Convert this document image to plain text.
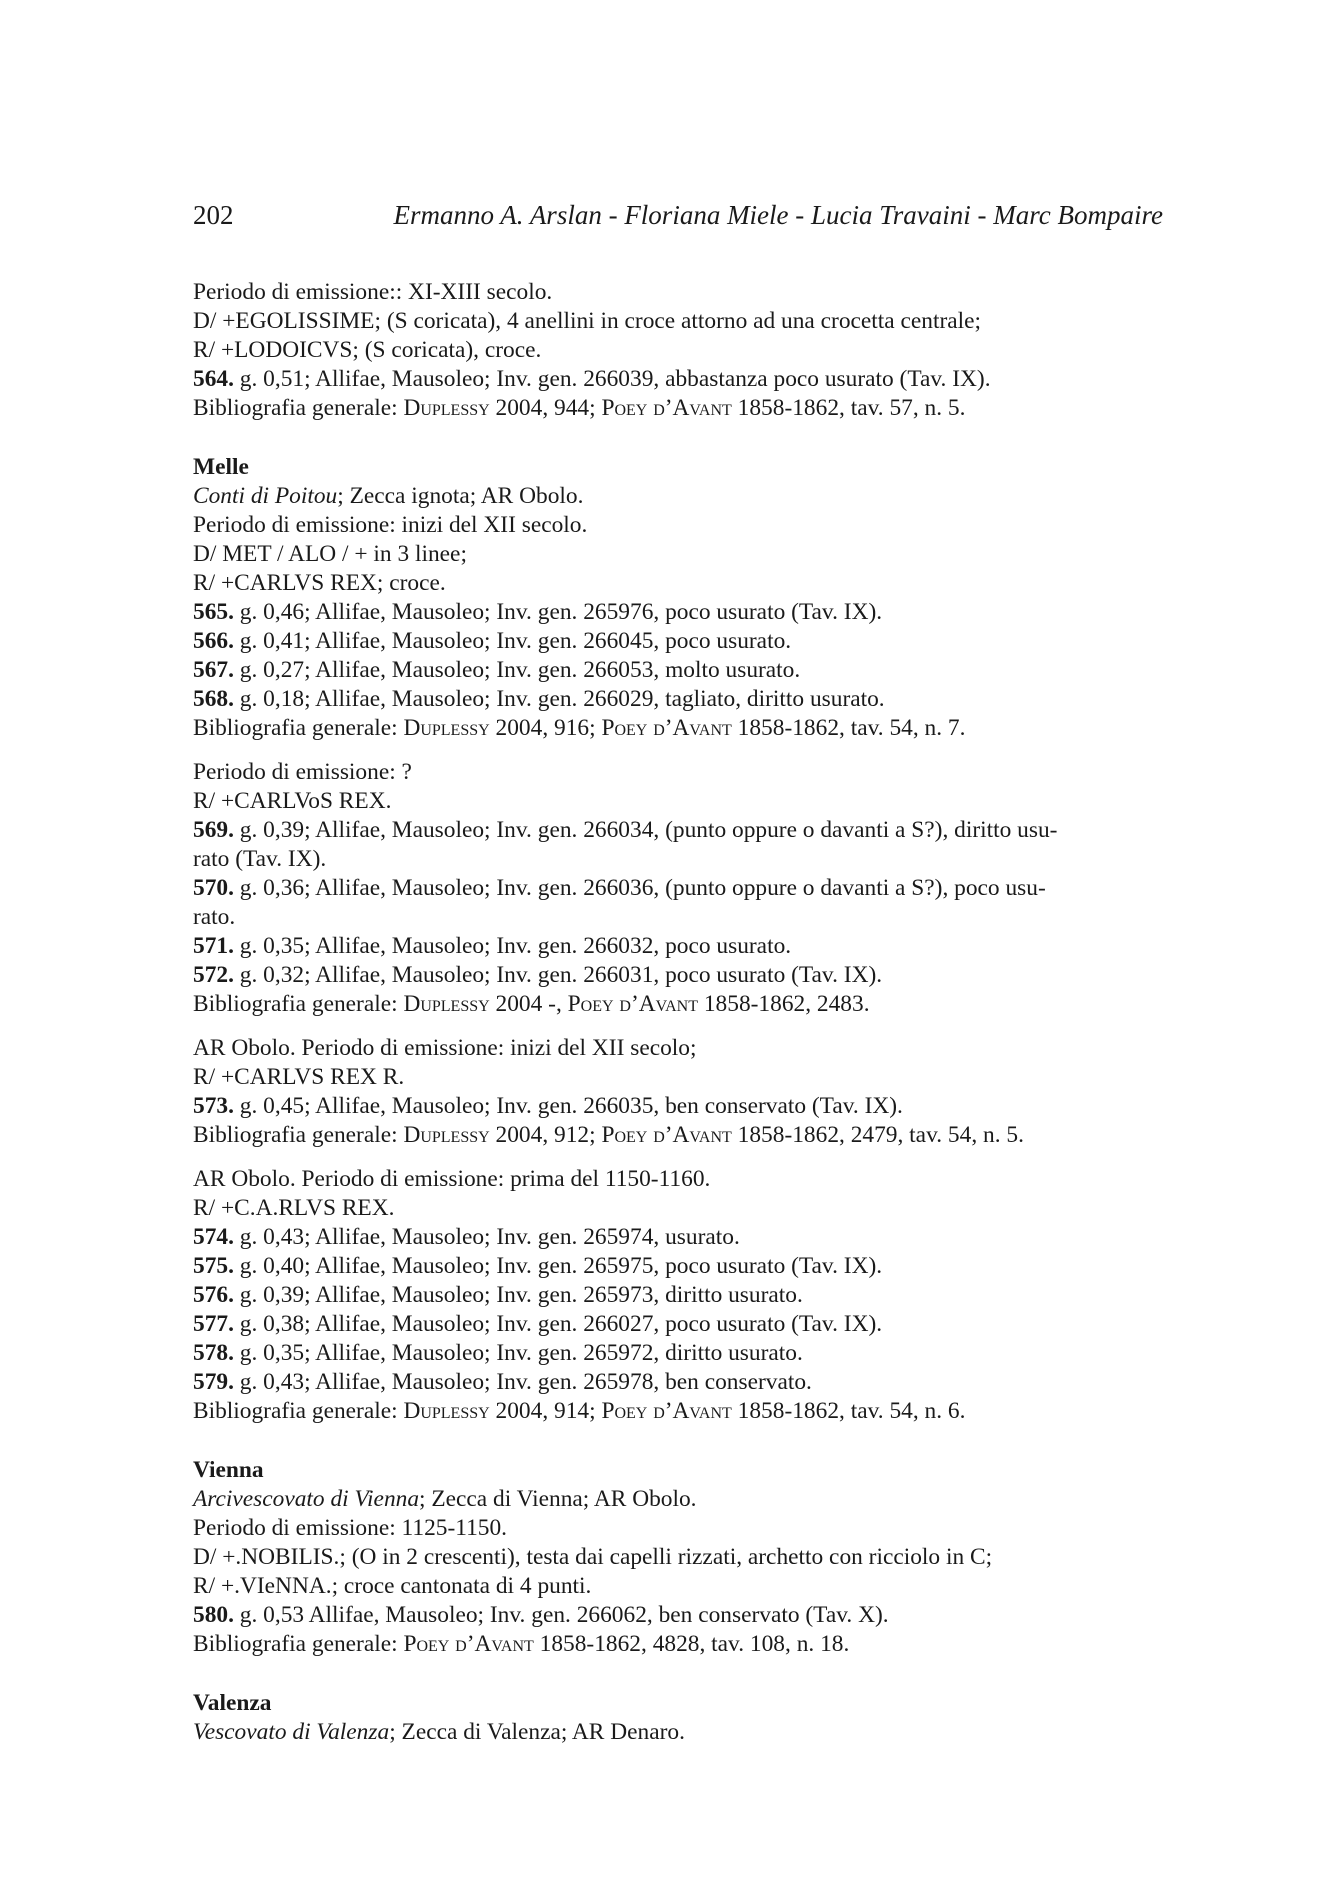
202	Ermanno A. Arslan - Floriana Miele - Lucia Travaini - Marc Bompaire
Periodo di emissione:: XI-XIII secolo.
D/ +EGOLISSIME; (S coricata), 4 anellini in croce attorno ad una crocetta centrale;
R/ +LODOICVS; (S coricata), croce.
564. g. 0,51; Allifae, Mausoleo; Inv. gen. 266039, abbastanza poco usurato (Tav. IX).
Bibliografia generale: Duplessy 2004, 944; Poey d’Avant 1858-1862, tav. 57, n. 5.
Melle
Conti di Poitou; Zecca ignota; AR Obolo.
Periodo di emissione: inizi del XII secolo.
D/ MET / ALO / + in 3 linee;
R/ +CARLVS REX; croce.
565. g. 0,46; Allifae, Mausoleo; Inv. gen. 265976, poco usurato (Tav. IX).
566. g. 0,41; Allifae, Mausoleo; Inv. gen. 266045, poco usurato.
567. g. 0,27; Allifae, Mausoleo; Inv. gen. 266053, molto usurato.
568. g. 0,18; Allifae, Mausoleo; Inv. gen. 266029, tagliato, diritto usurato.
Bibliografia generale: Duplessy 2004, 916; Poey d’Avant 1858-1862, tav. 54, n. 7.
Periodo di emissione: ?
R/ +CARLVoS REX.
569. g. 0,39; Allifae, Mausoleo; Inv. gen. 266034, (punto oppure o davanti a S?), diritto usu-
rato (Tav. IX).
570. g. 0,36; Allifae, Mausoleo; Inv. gen. 266036, (punto oppure o davanti a S?), poco usu-
rato.
571. g. 0,35; Allifae, Mausoleo; Inv. gen. 266032, poco usurato.
572. g. 0,32; Allifae, Mausoleo; Inv. gen. 266031, poco usurato (Tav. IX).
Bibliografia generale: Duplessy 2004 -, Poey d’Avant 1858-1862, 2483.
AR Obolo. Periodo di emissione: inizi del XII secolo;
R/ +CARLVS REX R.
573. g. 0,45; Allifae, Mausoleo; Inv. gen. 266035, ben conservato (Tav. IX).
Bibliografia generale: Duplessy 2004, 912; Poey d’Avant 1858-1862, 2479, tav. 54, n. 5.
AR Obolo. Periodo di emissione: prima del 1150-1160.
R/ +C.A.RLVS REX.
574. g. 0,43; Allifae, Mausoleo; Inv. gen. 265974, usurato.
575. g. 0,40; Allifae, Mausoleo; Inv. gen. 265975, poco usurato (Tav. IX).
576. g. 0,39; Allifae, Mausoleo; Inv. gen. 265973, diritto usurato.
577. g. 0,38; Allifae, Mausoleo; Inv. gen. 266027, poco usurato (Tav. IX).
578. g. 0,35; Allifae, Mausoleo; Inv. gen. 265972, diritto usurato.
579. g. 0,43; Allifae, Mausoleo; Inv. gen. 265978, ben conservato.
Bibliografia generale: Duplessy 2004, 914; Poey d’Avant 1858-1862, tav. 54, n. 6.
Vienna
Arcivescovato di Vienna; Zecca di Vienna; AR Obolo.
Periodo di emissione: 1125-1150.
D/ +.NOBILIS.; (O in 2 crescenti), testa dai capelli rizzati, archetto con ricciolo in C;
R/ +.VIeNNA.; croce cantonata di 4 punti.
580. g. 0,53 Allifae, Mausoleo; Inv. gen. 266062, ben conservato (Tav. X).
Bibliografia generale: Poey d’Avant 1858-1862, 4828, tav. 108, n. 18.
Valenza
Vescovato di Valenza; Zecca di Valenza; AR Denaro.
